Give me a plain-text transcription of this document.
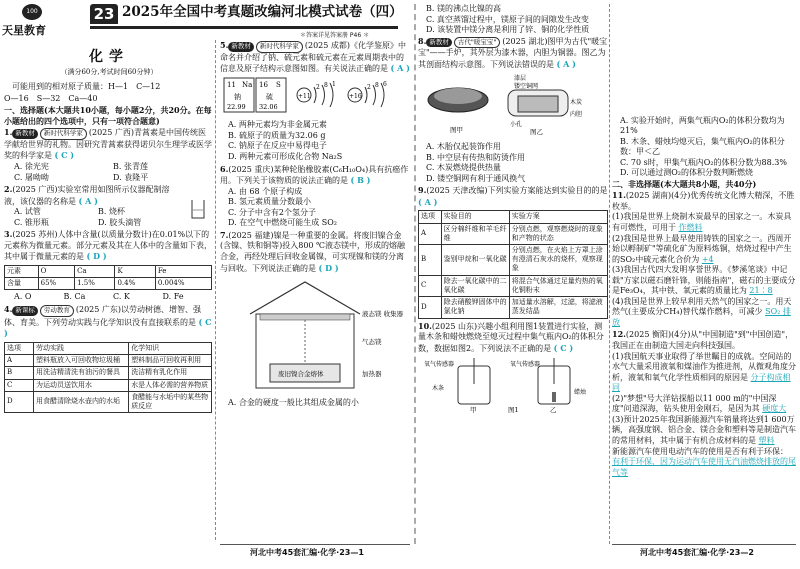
100
天星教育
23 2025年全国中考真题改编河北模式试卷（四）
＊答案详见答案册 P46 ＊
化学
（满分60分,考试时间60分钟）
可能用到的相对原子质量：H—1　C—12
O—16　S—32　Ca—40
一、选择题(本大题共10小题，每小题2分，共20分。在每小题给出的四个选项中，只有一项符合题意)
1. 新教材 新时代科学家 (2025 广西)青蒿素是中国传统医学献给世界的礼物。因研究青蒿素获得诺贝尔生理学或医学奖的科学家是 ( C )
A. 徐光宪	B. 张青莲
C. 屠呦呦	D. 袁隆平
2.(2025 广西)实验室常用如图所示仪器配制溶液，该仪器的名称是 ( A )
A. 试管	B. 烧杯
C. 锥形瓶	D. 胶头滴管
3.(2025 苏州)人体中含量(以质量分数计)在0.01%以下的元素称为微量元素。部分元素及其在人体中的含量如下表，其中属于微量元素的是 ( D )
元素	O	Ca	K	Fe
含量	65%	1.5%	0.4%	0.004%
A. O	B. Ca	C. K	D. Fe
4. 新课标 劳动教育 (2025 广东)以劳动树德、增智、强体、育美。下列劳动实践与化学知识没有直接联系的是 ( C )
选项	劳动实践	化学知识
A	塑料瓶放入可回收物垃圾桶	塑料制品可回收再利用
B	用洗洁精清洗有油污的餐具	洗洁精有乳化作用
C	为运动员送饮用水	水是人体必需的营养物质
D	用食醋清除烧水壶内的水垢	食醋能与水垢中的某些物质反应
5. 新教材 新时代科学家 (2025 成都)《化学鉴原》中命名并介绍了钠、硫元素和硫元素在元素周期表中的信息及原子结构示意图如图。有关说法正确的是 ( A )
11 Na
钠
22.99
16 S
硫
32.06
+11
2 8 1
+16
2 8 6
A. 两种元素均为非金属元素
B. 硫原子的质量为32.06 g
C. 钠原子在反应中易得电子
D. 两种元素可形成化合物 Na₂S
6.(2025 重庆)某种轮胎橡胶素(C₆H₁₀O₄)具有抗癌作用。下列关于该物质的说法正确的是 ( B )
A. 由 68 个原子构成
B. 氢元素质量分数最小
C. 分子中含有2个氢分子
D. 在空气中燃烧可能生成 SO₂
7.(2025 福建)镍是一种重要的金属。将废旧镍合金(含镍、铁和铜等)投入800 ℃液态镁中，形成的熔融合金，再经处理后回收金属镍，可实现镍和镁的分离与回收。下列说法正确的是 ( D )
液态镁 收集器
气态镁
加热器
废旧镍合金熔体
A. 合金的硬度一般比其组成金属的小
B. 镁的沸点比镍的高
C. 真空蒸馏过程中，镁原子间的间隙发生改变
D. 该装置中镁分离是利用了锌、铜的化学性质
8. 新教材 古代"暖宝宝" (2025 湖北)图甲为古代"暖宝宝"——手炉，其外层为漆木器，内胆为铜器。图乙为其剖面结构示意图。下列说法错误的是 ( A )
漆层
镂空铜网
木炭
小孔
内胆
图甲	图乙
A. 木胎仅起装饰作用
B. 中空层有传热和防烫作用
C. 木炭燃烧提供热量
D. 镂空铜网有利于通风换气
9.(2025 天津改编)下列实验方案能达到实验目的的是 ( A )
选项	实验目的	实验方案
A	区分棉纤维和羊毛纤维	分别点燃，观察燃烧时的现象和产物的状态
B	鉴别甲烷和一氧化碳	分别点燃，在火焰上方罩上涂有澄清石灰水的烧杯，观察现象
C	除去一氧化碳中的二氧化碳	将混合气体通过足量灼热的氧化铜粉末
D	除去硝酸钾固体中的氯化钠	加适量水溶解，过滤，将滤液蒸发结晶
10.(2025 山东)兴趣小组利用图1装置进行实验，测量木条和蜡烛燃烧至熄灭过程中集气瓶内O₂的体积分数，数据如图2。下列说法不正确的是 ( C )
氧气传感器
木条
氧气传感器
蜡烛
甲	乙
图1
A. 实验开始时，两集气瓶内O₂的体积分数均为21%
B. 木条、蜡烛均熄灭后，集气瓶内O₂的体积分数：甲＜乙
C. 70 s时，甲集气瓶内O₂的体积分数为88.3%
D. 可以通过测O₂的体积分数判断燃烧
二、非选择题(本大题共8小题，共40分)
11.(2025 湖南)(4分)优秀传统文化博大精深，不胜枚举。
(1)我国是世界上烧制木炭最早的国家之一。木炭具有可燃性，可用于 作燃料
(2)我国是世界上最早使用铸铁的国家之一。西周开始以孵制矿"等硫化矿为原料炼铜，焙烧过程中产生的SO₂中硫元素化合价为 +4
(3)我国古代四大发明享誉世界。《梦溪笔谈》中记载"方家以磁石磨针锋，则能指南"，磁石的主要成分是Fe₃O₄，其中铁、氧元素的质量比为 21∶8
(4)我国是世界上较早利用天然气的国家之一。用天然气(主要成分CH₄)替代煤作燃料，可减少 SO₂ 排放
12.(2025 衡阳)(4分)从"中国制造"到"中国创造"，我国正在由制造大国走向科技强国。
(1)我国航天事业取得了举世瞩目的成就。空间站的水气大量采用液氧和煤油作为推进剂，从微观角度分析，液氧和氧气化学性质相同的原因是 分子构成相同
(2)"梦想"号大洋钻探船以11 000 m的"中国深度"问道深海，钻头使用金刚石，是因为其 硬度大
(3)预计2025年我国新能源汽车销量将达到1 600万辆，高强度钢、铝合金、镁合金和塑料等是制造汽车的常用材料，其中属于有机合成材料的是 塑料
新能源汽车使用电动汽车的使用是否有利于环保： 有利于环保，因为运动汽车使用无汽油燃烧排放的尾气等
河北中考45套汇编·化学·23—1	河北中考45套汇编·化学·23—2
